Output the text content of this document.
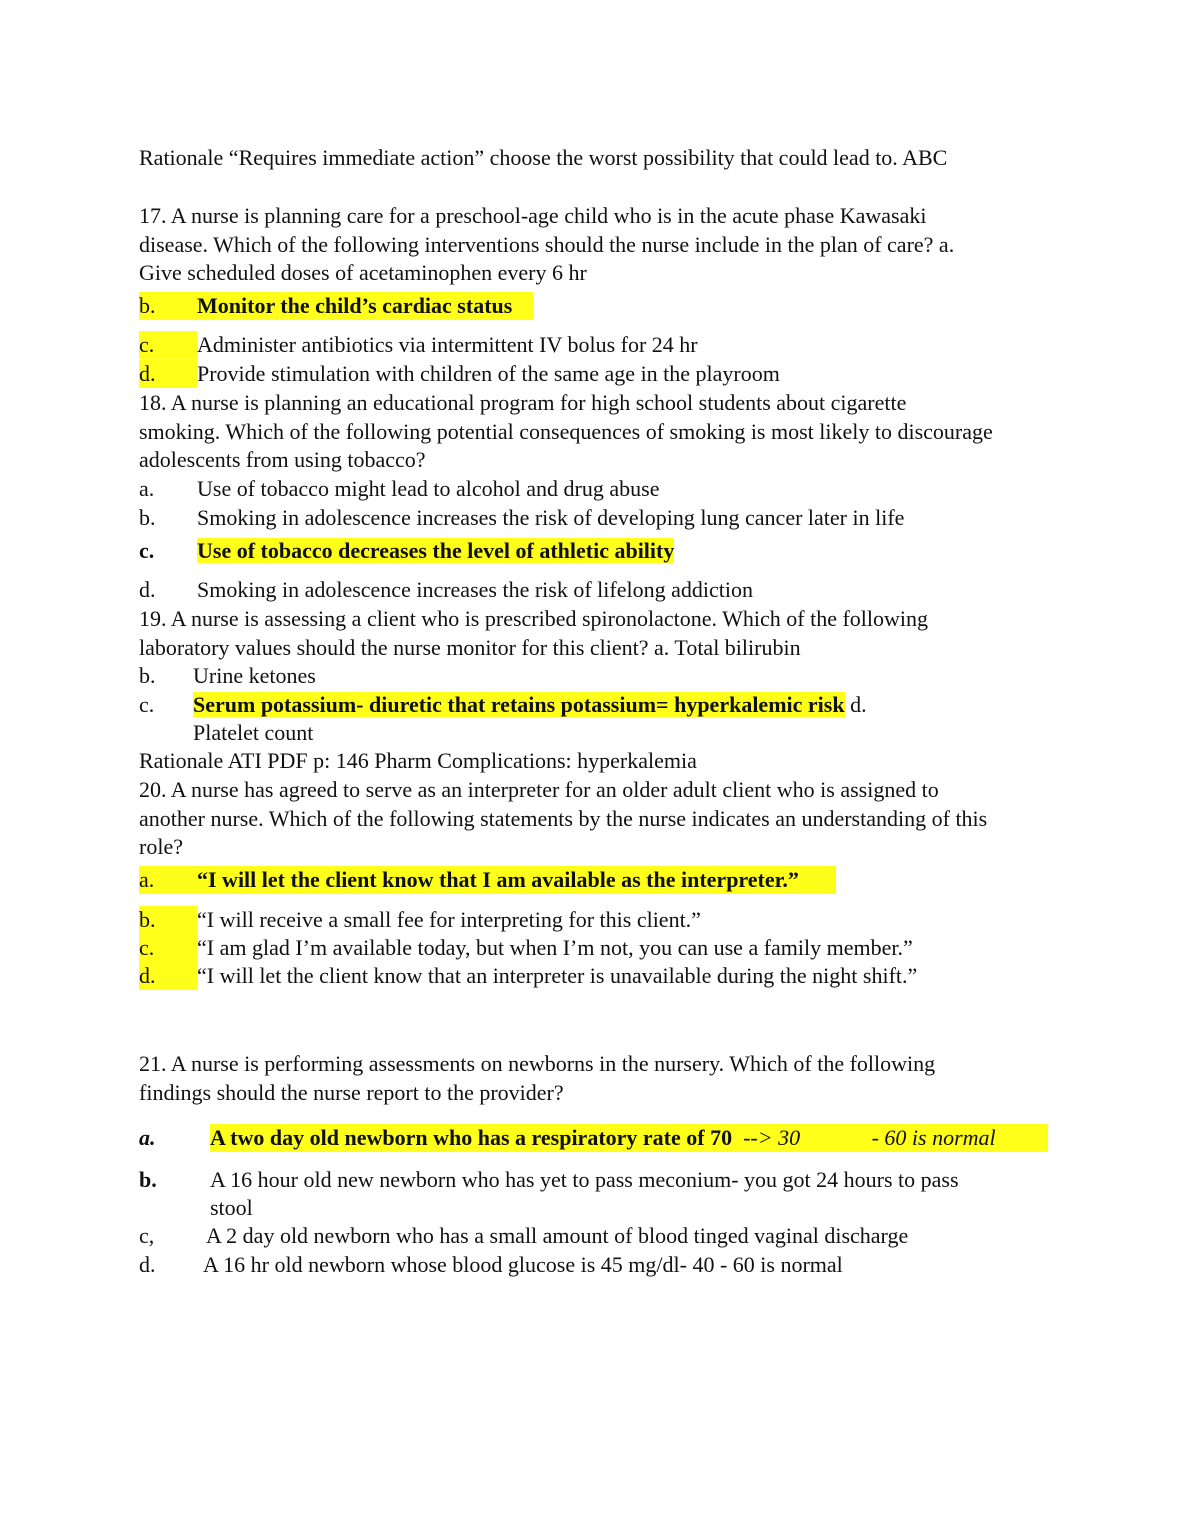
Rationale “Requires immediate action” choose the worst possibility that could lead to. ABC
17. A nurse is planning care for a preschool-age child who is in the acute phase Kawasaki
disease. Which of the following interventions should the nurse include in the plan of care? a.
Give scheduled doses of acetaminophen every 6 hr
b. Monitor the child’s cardiac status
c. Administer antibiotics via intermittent IV bolus for 24 hr
d. Provide stimulation with children of the same age in the playroom
18. A nurse is planning an educational program for high school students about cigarette
smoking. Which of the following potential consequences of smoking is most likely to discourage
adolescents from using tobacco?
a. Use of tobacco might lead to alcohol and drug abuse
b. Smoking in adolescence increases the risk of developing lung cancer later in life
c. Use of tobacco decreases the level of athletic ability
d. Smoking in adolescence increases the risk of lifelong addiction
19. A nurse is assessing a client who is prescribed spironolactone. Which of the following
laboratory values should the nurse monitor for this client? a. Total bilirubin
b. Urine ketones
c. Serum potassium- diuretic that retains potassium= hyperkalemic risk d.
Platelet count
Rationale ATI PDF p: 146 Pharm Complications: hyperkalemia
20. A nurse has agreed to serve as an interpreter for an older adult client who is assigned to
another nurse. Which of the following statements by the nurse indicates an understanding of this
role?
a. “I will let the client know that I am available as the interpreter.”
b. “I will receive a small fee for interpreting for this client.”
c. “I am glad I’m available today, but when I’m not, you can use a family member.”
d. “I will let the client know that an interpreter is unavailable during the night shift.”
21. A nurse is performing assessments on newborns in the nursery. Which of the following
findings should the nurse report to the provider?
a. A two day old newborn who has a respiratory rate of 70  --> 30             - 60 is normal
b. A 16 hour old new newborn who has yet to pass meconium- you got 24 hours to pass
stool
c, A 2 day old newborn who has a small amount of blood tinged vaginal discharge
d. A 16 hr old newborn whose blood glucose is 45 mg/dl- 40 - 60 is normal
